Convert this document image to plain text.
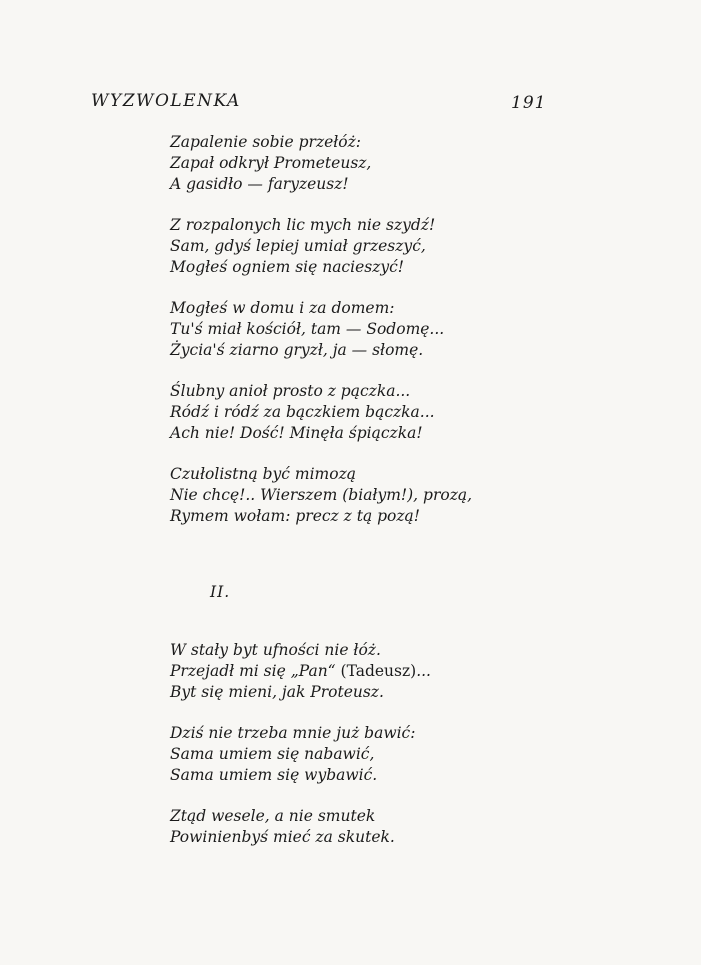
WYZWOLENKA	191
Zapalenie sobie przełóż:
Zapał odkrył Prometeusz,
A gasidło — faryzeusz!
Z rozpalonych lic mych nie szydź!
Sam, gdyś lepiej umiał grzeszyć,
Mogłeś ogniem się nacieszyć!
Mogłeś w domu i za domem:
Tu'ś miał kościół, tam — Sodomę...
Życia'ś ziarno gryzł, ja — słomę.
Ślubny anioł prosto z pączka...
Ródź i ródź za bączkiem bączka...
Ach nie! Dość! Minęła śpiączka!
Czułolistną być mimozą
Nie chcę!.. Wierszem (białym!), prozą,
Rymem wołam: precz z tą pozą!
II.
W stały byt ufności nie łóż.
Przejadł mi się „Pan“ (Tadeusz)...
Byt się mieni, jak Proteusz.
Dziś nie trzeba mnie już bawić:
Sama umiem się nabawić,
Sama umiem się wybawić.
Ztąd wesele, a nie smutek
Powinienbyś mieć za skutek.
